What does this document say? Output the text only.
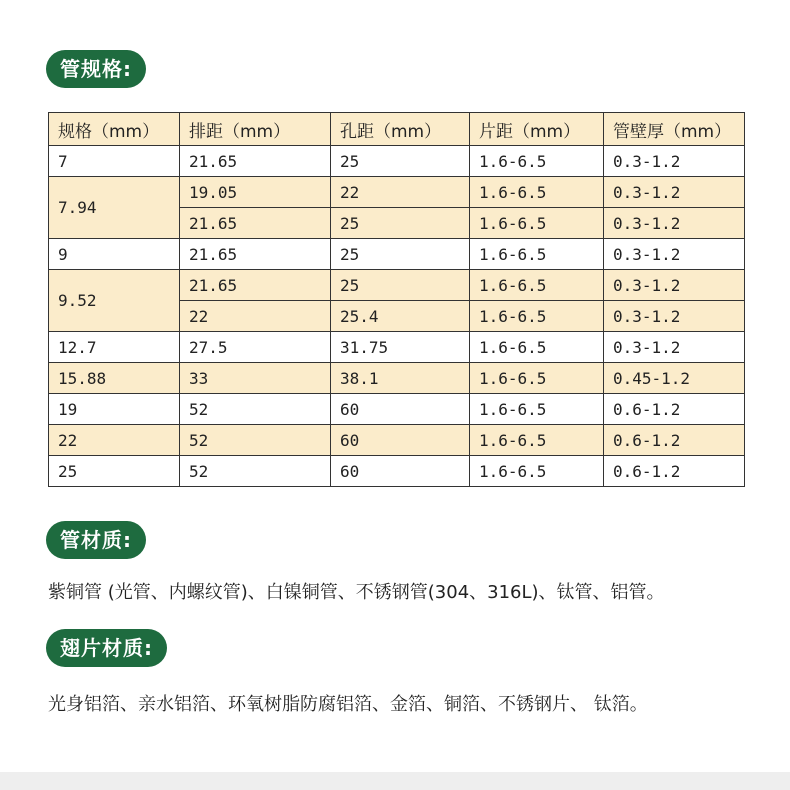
管规格:
规格（mm）	排距（mm）	孔距（mm）	片距（mm）	管壁厚（mm）
7	21.65	25	1.6-6.5	0.3-1.2
7.94	19.05	22	1.6-6.5	0.3-1.2
	21.65	25	1.6-6.5	0.3-1.2
9	21.65	25	1.6-6.5	0.3-1.2
9.52	21.65	25	1.6-6.5	0.3-1.2
	22	25.4	1.6-6.5	0.3-1.2
12.7	27.5	31.75	1.6-6.5	0.3-1.2
15.88	33	38.1	1.6-6.5	0.45-1.2
19	52	60	1.6-6.5	0.6-1.2
22	52	60	1.6-6.5	0.6-1.2
25	52	60	1.6-6.5	0.6-1.2
管材质:
紫铜管 (光管、内螺纹管)、白镍铜管、不锈钢管(304、316L)、钛管、铝管。
翅片材质:
光身铝箔、亲水铝箔、环氧树脂防腐铝箔、金箔、铜箔、不锈钢片、 钛箔。
